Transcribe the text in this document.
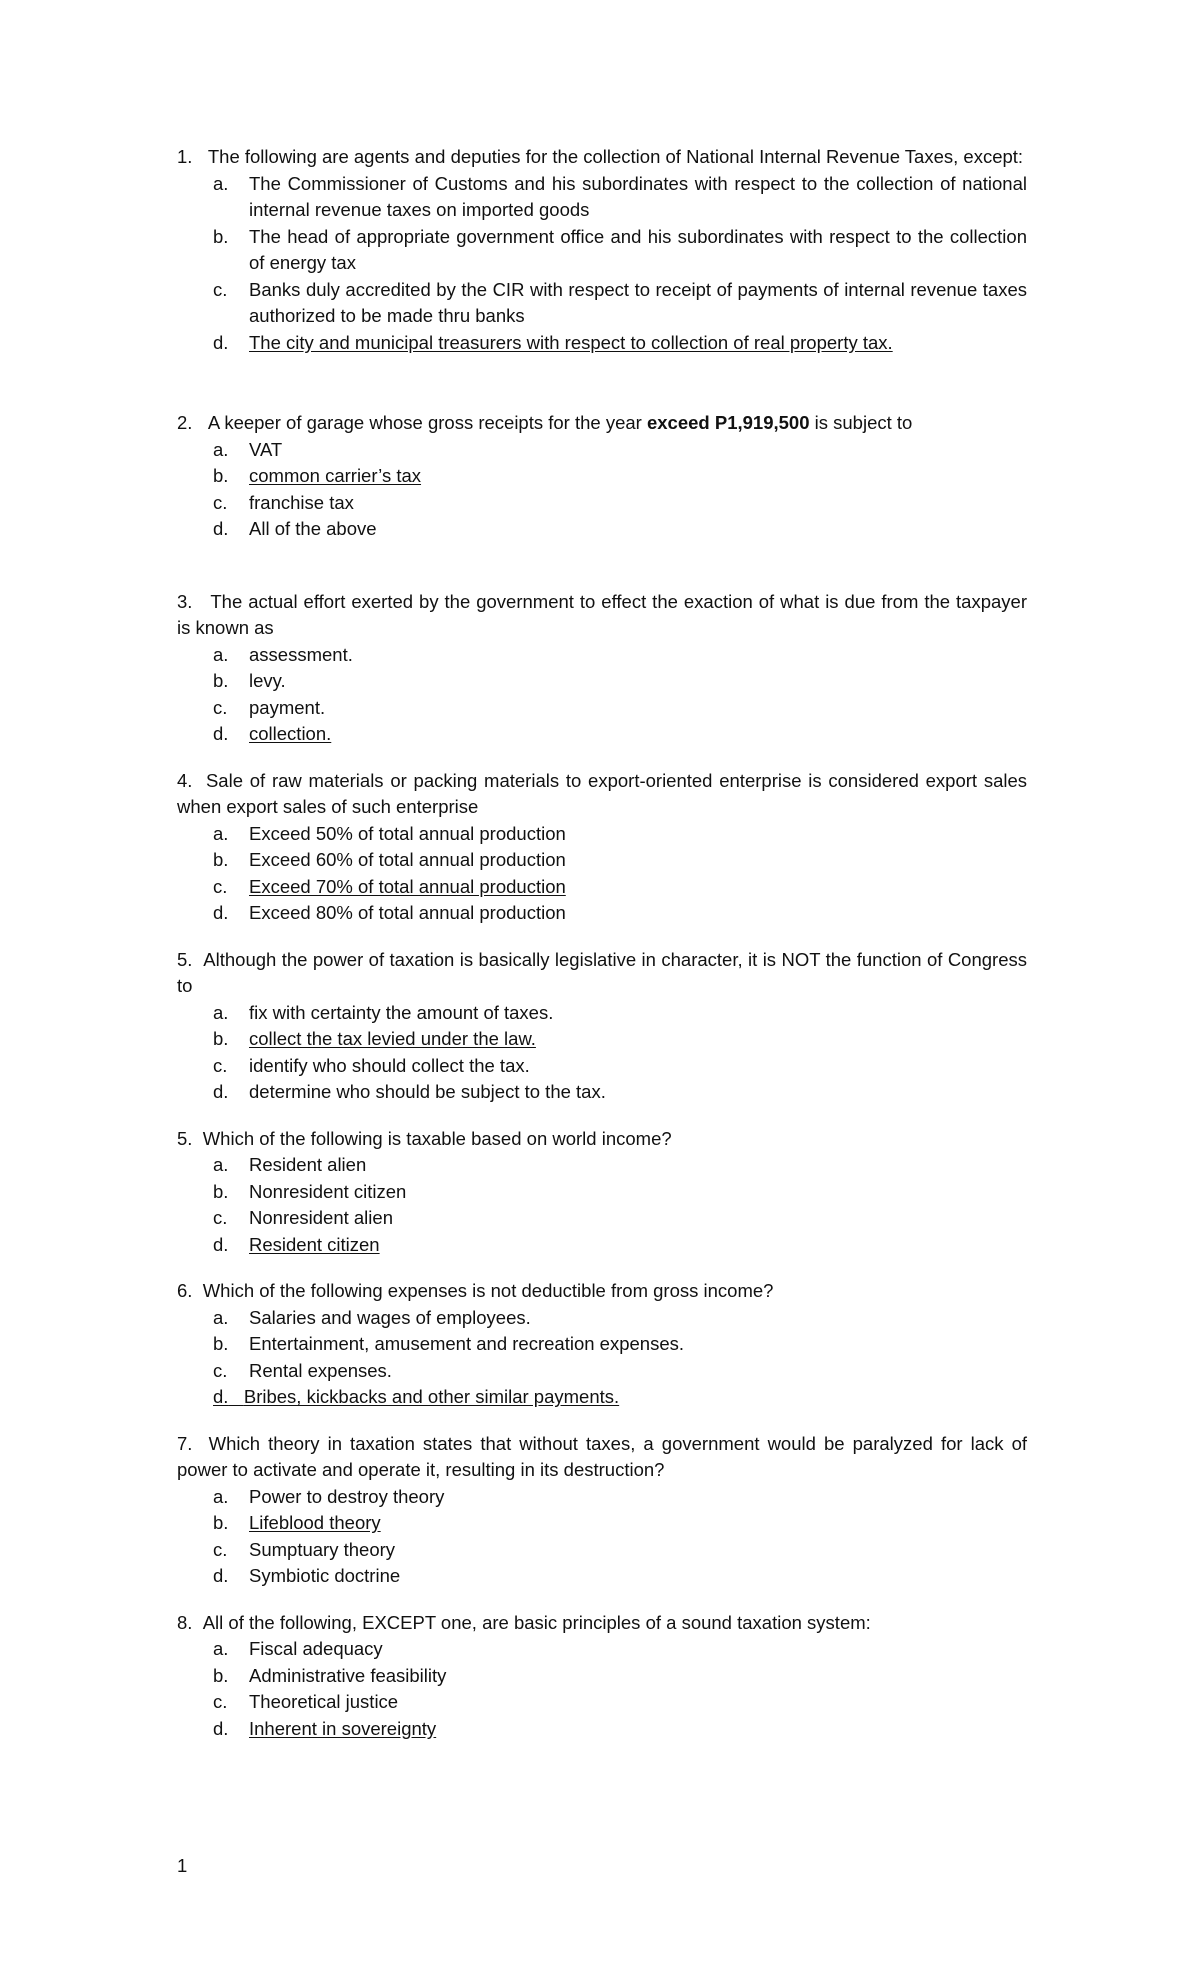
1. The following are agents and deputies for the collection of National Internal Revenue Taxes, except:
a.	The Commissioner of Customs and his subordinates with respect to the collection of national internal revenue taxes on imported goods
b.	The head of appropriate government office and his subordinates with respect to the collection of energy tax
c.	Banks duly accredited by the CIR with respect to receipt of payments of internal revenue taxes authorized to be made thru banks
d.	The city and municipal treasurers with respect to collection of real property tax.
2. A keeper of garage whose gross receipts for the year exceed P1,919,500 is subject to
a.	VAT
b.	common carrier’s tax
c.	franchise tax
d.	All of the above
3. The actual effort exerted by the government to effect the exaction of what is due from the taxpayer is known as
a.	assessment.
b.	levy.
c.	payment.
d.	collection.
4. Sale of raw materials or packing materials to export-oriented enterprise is considered export sales when export sales of such enterprise
a.	Exceed 50% of total annual production
b.	Exceed 60% of total annual production
c.	Exceed 70% of total annual production
d.	Exceed 80% of total annual production
5. Although the power of taxation is basically legislative in character, it is NOT the function of Congress to
a.	fix with certainty the amount of taxes.
b.	collect the tax levied under the law.
c.	identify who should collect the tax.
d.	determine who should be subject to the tax.
5. Which of the following is taxable based on world income?
a.	Resident alien
b.	Nonresident citizen
c.	Nonresident alien
d.	Resident citizen
6. Which of the following expenses is not deductible from gross income?
a.	Salaries and wages of employees.
b.	Entertainment, amusement and recreation expenses.
c.	Rental expenses.
d. Bribes, kickbacks and other similar payments.
7. Which theory in taxation states that without taxes, a government would be paralyzed for lack of power to activate and operate it, resulting in its destruction?
a.	Power to destroy theory
b.	Lifeblood theory
c.	Sumptuary theory
d.	Symbiotic doctrine
8. All of the following, EXCEPT one, are basic principles of a sound taxation system:
a.	Fiscal adequacy
b.	Administrative feasibility
c.	Theoretical justice
d.	Inherent in sovereignty
1
